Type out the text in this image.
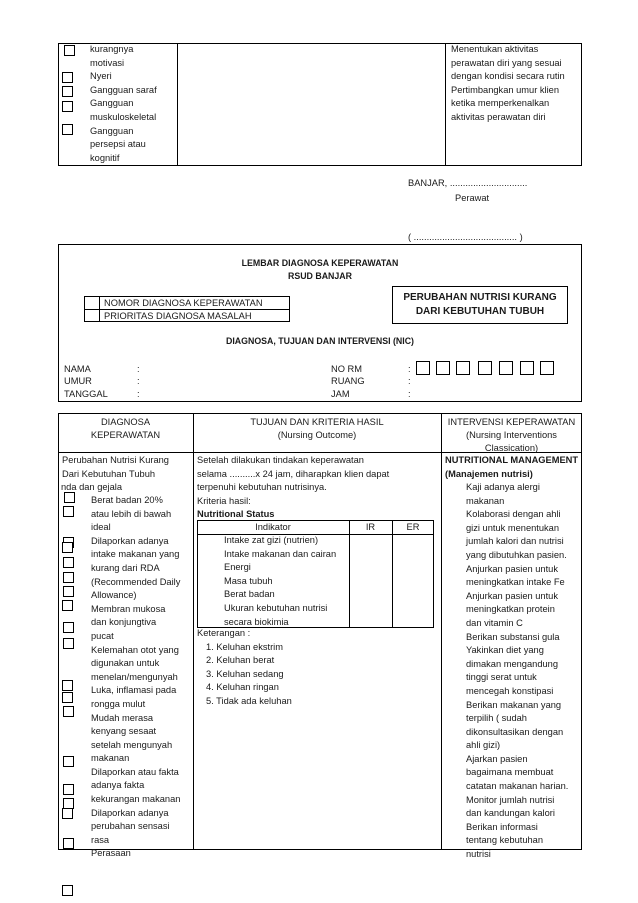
kurangnya
motivasi
Nyeri
Gangguan saraf
Gangguan
muskuloskeletal
Gangguan
persepsi atau
kognitif
Menentukan aktivitas
perawatan diri yang sesuai
dengan kondisi secara rutin
Pertimbangkan umur klien
ketika memperkenalkan
aktivitas perawatan diri
BANJAR, ..............................
Perawat
( ........................................ )
LEMBAR DIAGNOSA KEPERAWATAN
RSUD BANJAR
NOMOR DIAGNOSA KEPERAWATAN
PRIORITAS DIAGNOSA MASALAH
PERUBAHAN NUTRISI KURANG
DARI KEBUTUHAN TUBUH
DIAGNOSA, TUJUAN DAN INTERVENSI (NIC)
NAMA
UMUR
TANGGAL
:
:
:
NO RM
RUANG
JAM
:
:
:
DIAGNOSA
KEPERAWATAN
TUJUAN DAN KRITERIA HASIL
(Nursing Outcome)
INTERVENSI KEPERAWATAN
(Nursing Interventions
Classication)
Perubahan Nutrisi Kurang
Dari Kebutuhan Tubuh
nda dan gejala
Berat badan 20%
atau lebih di bawah
ideal
Dilaporkan adanya
intake makanan yang
kurang dari RDA
(Recommended Daily
Allowance)
Membran mukosa
dan konjungtiva
pucat
Kelemahan otot yang
digunakan untuk
menelan/mengunyah
Luka, inflamasi pada
rongga mulut
Mudah merasa
kenyang sesaat
setelah mengunyah
makanan
Dilaporkan atau fakta
adanya fakta
kekurangan makanan
Dilaporkan adanya
perubahan sensasi
rasa
Perasaan
Setelah dilakukan tindakan keperawatan
selama ..........x 24 jam, diharapkan klien dapat
terpenuhi kebutuhan nutrisinya.
Kriteria hasil:
Nutritional Status
Indikator	IR	ER
Intake zat gizi (nutrien)
Intake makanan dan cairan
Energi
Masa tubuh
Berat badan
Ukuran kebutuhan nutrisi
secara biokimia
Keterangan :
1. Keluhan ekstrim
2. Keluhan berat
3. Keluhan sedang
4. Keluhan ringan
5. Tidak ada keluhan
NUTRITIONAL MANAGEMENT
(Manajemen nutrisi)
Kaji adanya alergi
makanan
Kolaborasi dengan ahli
gizi untuk menentukan
jumlah kalori dan nutrisi
yang dibutuhkan pasien.
Anjurkan pasien untuk
meningkatkan intake Fe
Anjurkan pasien untuk
meningkatkan protein
dan vitamin C
Berikan substansi gula
Yakinkan diet yang
dimakan mengandung
tinggi serat untuk
mencegah konstipasi
Berikan makanan yang
terpilih ( sudah
dikonsultasikan dengan
ahli gizi)
Ajarkan pasien
bagaimana membuat
catatan makanan harian.
Monitor jumlah nutrisi
dan kandungan kalori
Berikan informasi
tentang kebutuhan
nutrisi
